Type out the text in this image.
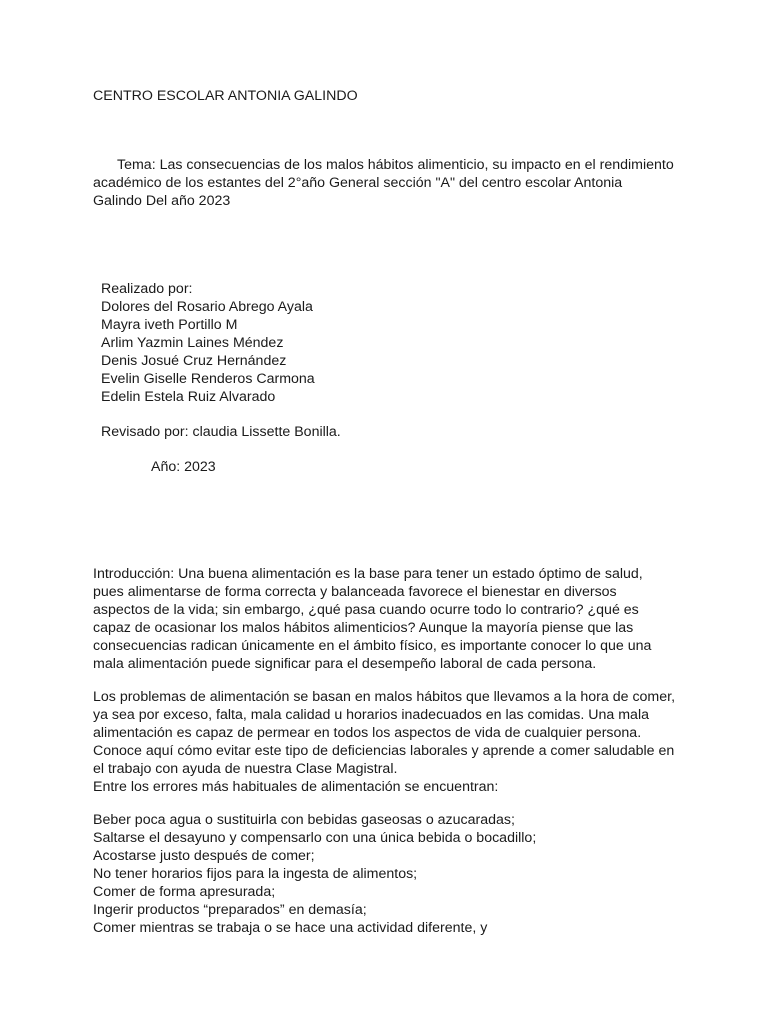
CENTRO ESCOLAR ANTONIA GALINDO
Tema: Las consecuencias de los malos hábitos alimenticio, su impacto en el rendimiento
académico de los estantes del 2°año General sección "A" del centro escolar Antonia
Galindo Del año 2023
Realizado por:
Dolores del Rosario Abrego Ayala
Mayra iveth Portillo M
Arlim Yazmin Laines Méndez
Denis Josué Cruz Hernández
Evelin Giselle Renderos Carmona
Edelin Estela Ruiz Alvarado
Revisado por: claudia Lissette Bonilla.
Año: 2023
Introducción: Una buena alimentación es la base para tener un estado óptimo de salud,
pues alimentarse de forma correcta y balanceada favorece el bienestar en diversos
aspectos de la vida; sin embargo, ¿qué pasa cuando ocurre todo lo contrario? ¿qué es
capaz de ocasionar los malos hábitos alimenticios? Aunque la mayoría piense que las
consecuencias radican únicamente en el ámbito físico, es importante conocer lo que una
mala alimentación puede significar para el desempeño laboral de cada persona.
Los problemas de alimentación se basan en malos hábitos que llevamos a la hora de comer,
ya sea por exceso, falta, mala calidad u horarios inadecuados en las comidas. Una mala
alimentación es capaz de permear en todos los aspectos de vida de cualquier persona.
Conoce aquí cómo evitar este tipo de deficiencias laborales y aprende a comer saludable en
el trabajo con ayuda de nuestra Clase Magistral.
Entre los errores más habituales de alimentación se encuentran:
Beber poca agua o sustituirla con bebidas gaseosas o azucaradas;
Saltarse el desayuno y compensarlo con una única bebida o bocadillo;
Acostarse justo después de comer;
No tener horarios fijos para la ingesta de alimentos;
Comer de forma apresurada;
Ingerir productos “preparados” en demasía;
Comer mientras se trabaja o se hace una actividad diferente, y
